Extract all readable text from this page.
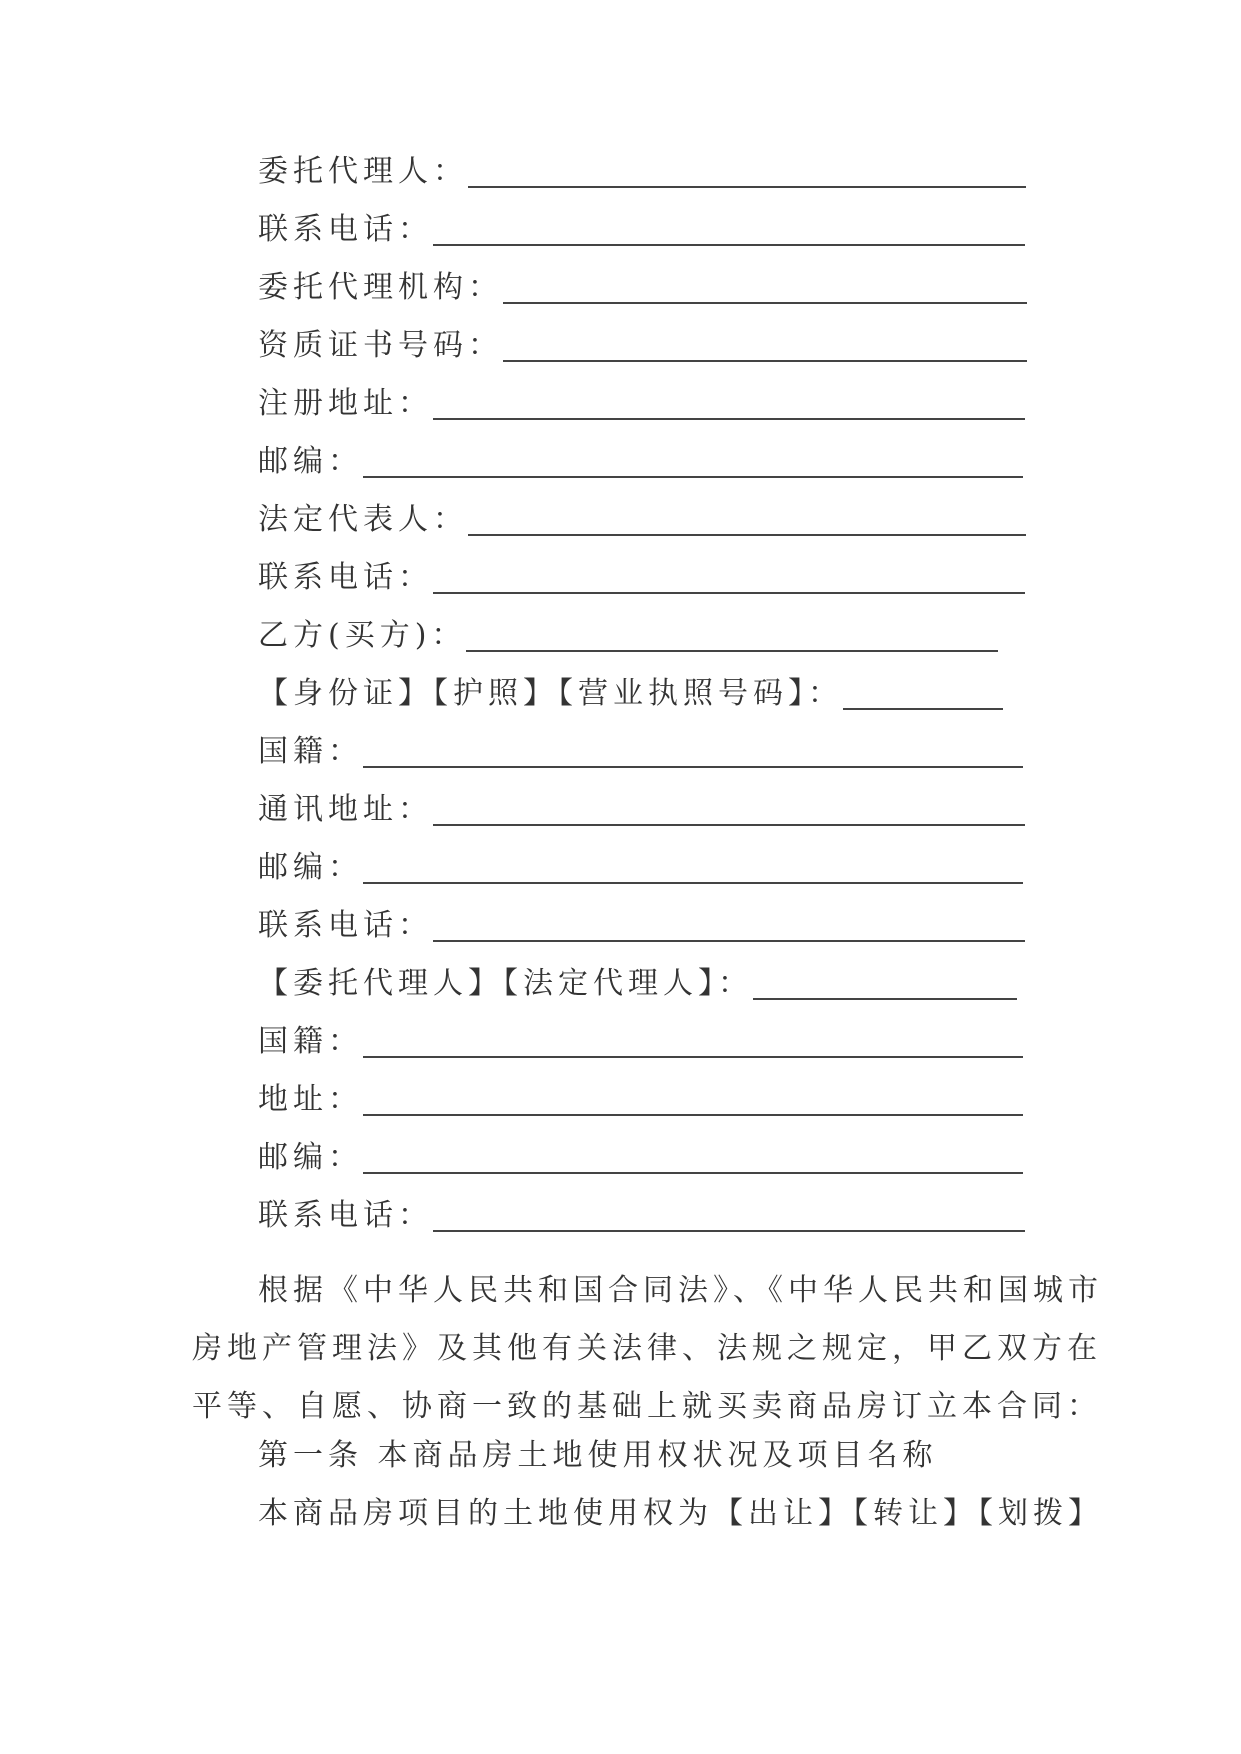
委托代理人：
联系电话：
委托代理机构：
资质证书号码：
注册地址：
邮编：
法定代表人：
联系电话：
乙方(买方)：
【身份证】【护照】【营业执照号码】：
国籍：
通讯地址：
邮编：
联系电话：
【委托代理人】【法定代理人】：
国籍：
地址：
邮编：
联系电话：
根据《中华人民共和国合同法》、《中华人民共和国城市
房地产管理法》及其他有关法律、法规之规定，甲乙双方在
平等、自愿、协商一致的基础上就买卖商品房订立本合同：
第一条 本商品房土地使用权状况及项目名称
本商品房项目的土地使用权为【出让】【转让】【划拨】
